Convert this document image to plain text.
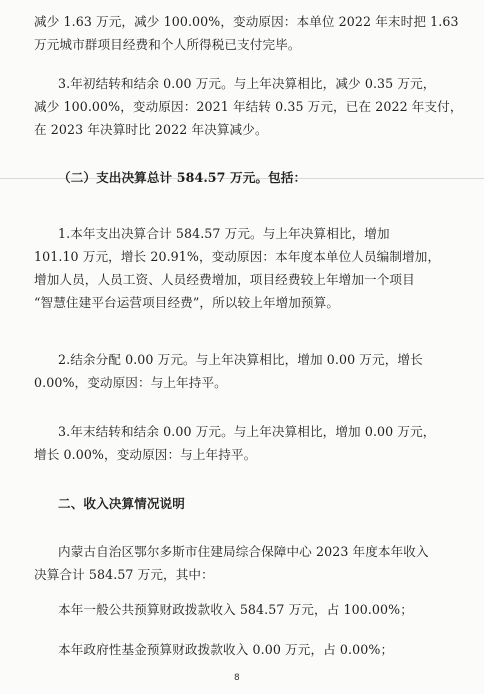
减少 1.63 万元，减少 100.00%，变动原因：本单位 2022 年末时把 1.63
万元城市群项目经费和个人所得税已支付完毕。

3.年初结转和结余 0.00 万元。与上年决算相比，减少 0.35 万元，
减少 100.00%，变动原因：2021 年结转 0.35 万元，已在 2022 年支付，
在 2023 年决算时比 2022 年决算减少。

（二）支出决算总计 584.57 万元。包括：

1.本年支出决算合计 584.57 万元。与上年决算相比，增加
101.10 万元，增长 20.91%，变动原因：本年度本单位人员编制增加，
增加人员，人员工资、人员经费增加，项目经费较上年增加一个项目
“智慧住建平台运营项目经费”，所以较上年增加预算。

2.结余分配 0.00 万元。与上年决算相比，增加 0.00 万元，增长
0.00%，变动原因：与上年持平。

3.年末结转和结余 0.00 万元。与上年决算相比，增加 0.00 万元，
增长 0.00%，变动原因：与上年持平。

二、收入决算情况说明

内蒙古自治区鄂尔多斯市住建局综合保障中心 2023 年度本年收入
决算合计 584.57 万元，其中：

本年一般公共预算财政拨款收入 584.57 万元，占 100.00%；

本年政府性基金预算财政拨款收入 0.00 万元，占 0.00%；

8
